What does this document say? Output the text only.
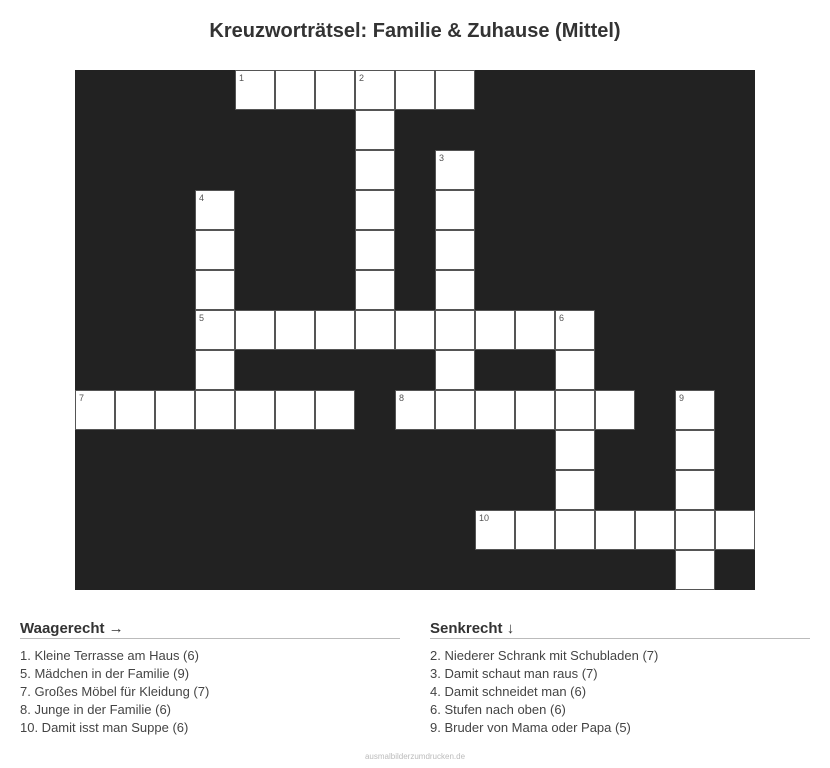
Kreuzworträtsel: Familie & Zuhause (Mittel)
1	2
3
4
5	6
7	8	9
10
Waagerecht →
1. Kleine Terrasse am Haus (6)
5. Mädchen in der Familie (9)
7. Großes Möbel für Kleidung (7)
8. Junge in der Familie (6)
10. Damit isst man Suppe (6)
Senkrecht ↓
2. Niederer Schrank mit Schubladen (7)
3. Damit schaut man raus (7)
4. Damit schneidet man (6)
6. Stufen nach oben (6)
9. Bruder von Mama oder Papa (5)
ausmalbilderzumdrucken.de
